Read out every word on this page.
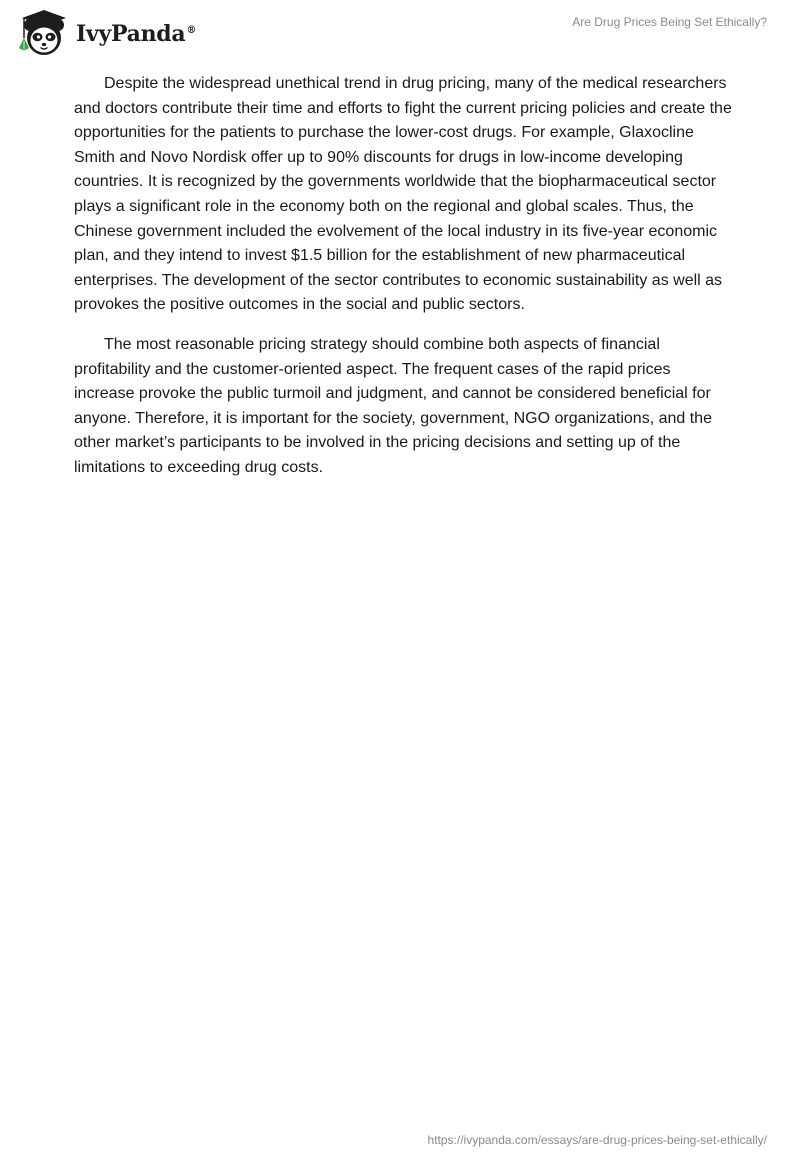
IvyPanda®
Are Drug Prices Being Set Ethically?

Despite the widespread unethical trend in drug pricing, many of the medical researchers and doctors contribute their time and efforts to fight the current pricing policies and create the opportunities for the patients to purchase the lower-cost drugs. For example, Glaxocline Smith and Novo Nordisk offer up to 90% discounts for drugs in low-income developing countries. It is recognized by the governments worldwide that the biopharmaceutical sector plays a significant role in the economy both on the regional and global scales. Thus, the Chinese government included the evolvement of the local industry in its five-year economic plan, and they intend to invest $1.5 billion for the establishment of new pharmaceutical enterprises. The development of the sector contributes to economic sustainability as well as provokes the positive outcomes in the social and public sectors.

The most reasonable pricing strategy should combine both aspects of financial profitability and the customer-oriented aspect. The frequent cases of the rapid prices increase provoke the public turmoil and judgment, and cannot be considered beneficial for anyone. Therefore, it is important for the society, government, NGO organizations, and the other market’s participants to be involved in the pricing decisions and setting up of the limitations to exceeding drug costs.

https://ivypanda.com/essays/are-drug-prices-being-set-ethically/
